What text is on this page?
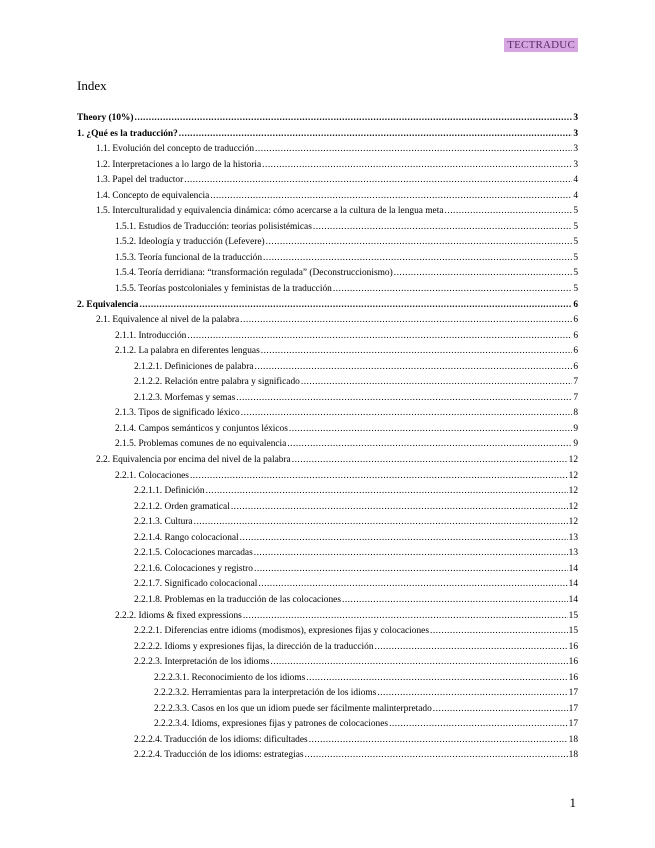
TECTRADUC
Index
Theory (10%) .....	3
1. ¿Qué es la traducción? .....	3
1.1. Evolución del concepto de traducción .....	3
1.2. Interpretaciones a lo largo de la historia .....	3
1.3. Papel del traductor .....	4
1.4. Concepto de equivalencia .....	4
1.5. Interculturalidad y equivalencia dinámica: cómo acercarse a la cultura de la lengua meta .....	5
1.5.1. Estudios de Traducción: teorías polisistémicas .....	5
1.5.2. Ideología y traducción (Lefevere) .....	5
1.5.3. Teoría funcional de la traducción .....	5
1.5.4. Teoría derridiana: “transformación regulada” (Deconstruccionismo) .....	5
1.5.5. Teorías postcoloniales y feministas de la traducción .....	5
2. Equivalencia .....	6
2.1. Equivalence al nivel de la palabra .....	6
2.1.1. Introducción .....	6
2.1.2. La palabra en diferentes lenguas .....	6
2.1.2.1. Definiciones de palabra .....	6
2.1.2.2. Relación entre palabra y significado .....	7
2.1.2.3. Morfemas y semas .....	7
2.1.3. Tipos de significado léxico .....	8
2.1.4. Campos semánticos y conjuntos léxicos .....	9
2.1.5. Problemas comunes de no equivalencia .....	9
2.2. Equivalencia por encima del nivel de la palabra .....	12
2.2.1. Colocaciones .....	12
2.2.1.1. Definición .....	12
2.2.1.2. Orden gramatical .....	12
2.2.1.3. Cultura .....	12
2.2.1.4. Rango colocacional .....	13
2.2.1.5. Colocaciones marcadas .....	13
2.2.1.6. Colocaciones y registro .....	14
2.2.1.7. Significado colocacional .....	14
2.2.1.8. Problemas en la traducción de las colocaciones .....	14
2.2.2. Idioms & fixed expressions .....	15
2.2.2.1. Diferencias entre idioms (modismos), expresiones fijas y colocaciones .....	15
2.2.2.2. Idioms y expresiones fijas, la dirección de la traducción .....	16
2.2.2.3. Interpretación de los idioms .....	16
2.2.2.3.1. Reconocimiento de los idioms .....	16
2.2.2.3.2. Herramientas para la interpretación de los idioms .....	17
2.2.2.3.3. Casos en los que un idiom puede ser fácilmente malinterpretado .....	17
2.2.2.3.4. Idioms, expresiones fijas y patrones de colocaciones .....	17
2.2.2.4. Traducción de los idioms: dificultades .....	18
2.2.2.4. Traducción de los idioms: estrategias .....	18
1
